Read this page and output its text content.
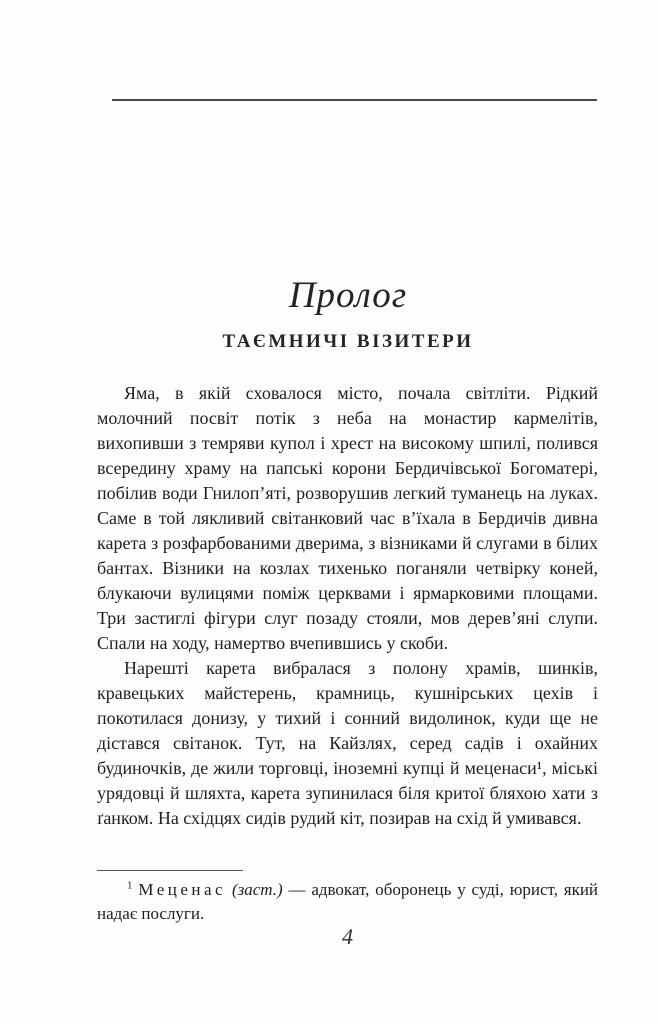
Пролог
ТАЄМНИЧІ ВІЗИТЕРИ

Яма, в якій сховалося місто, почала світліти. Рідкий молочний посвіт потік з неба на монастир кармелітів, вихопивши з темряви купол і хрест на високому шпилі, полився всередину храму на папські корони Бердичівської Богоматері, побілив води Гнилоп’яті, розворушив легкий туманець на луках. Саме в той лякливий світанковий час в’їхала в Бердичів дивна карета з розфарбованими дверима, з візниками й слугами в білих бантах. Візники на козлах тихенько поганяли четвірку коней, блукаючи вулицями поміж церквами і ярмарковими площами. Три застиглі фігури слуг позаду стояли, мов дерев’яні слупи. Спали на ходу, намертво вчепившись у скоби.

Нарешті карета вибралася з полону храмів, шинків, кравецьких майстерень, крамниць, кушнірських цехів і покотилася донизу, у тихий і сонний видолинок, куди ще не дістався світанок. Тут, на Кайзлях, серед садів і охайних будиночків, де жили торговці, іноземні купці й меценаси¹, міські урядовці й шляхта, карета зупинилася біля критої бляхою хати з ґанком. На східцях сидів рудий кіт, позирав на схід й умивався.

$^1$ Меценас (заст.) — адвокат, оборонець у суді, юрист, який надає послуги.

4
